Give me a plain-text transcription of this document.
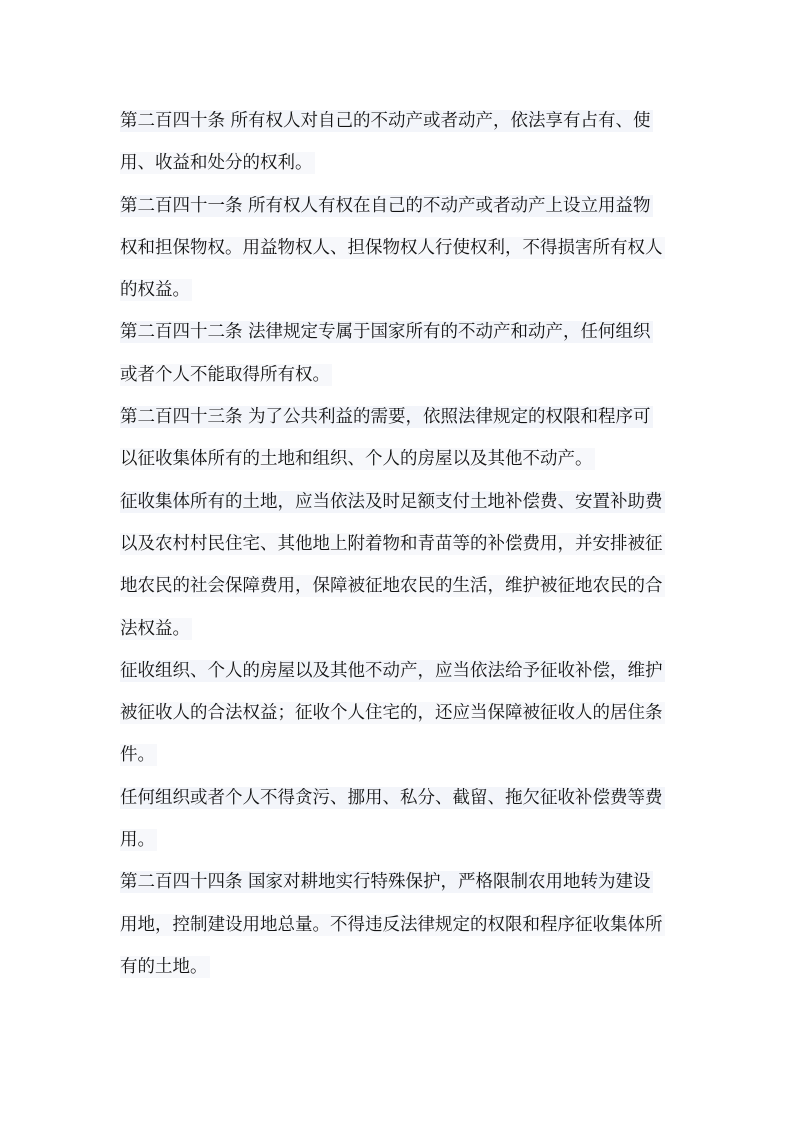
第二百四十条 所有权人对自己的不动产或者动产，依法享有占有、使
用、收益和处分的权利。
第二百四十一条 所有权人有权在自己的不动产或者动产上设立用益物
权和担保物权。用益物权人、担保物权人行使权利，不得损害所有权人
的权益。
第二百四十二条 法律规定专属于国家所有的不动产和动产，任何组织
或者个人不能取得所有权。
第二百四十三条 为了公共利益的需要，依照法律规定的权限和程序可
以征收集体所有的土地和组织、个人的房屋以及其他不动产。
征收集体所有的土地，应当依法及时足额支付土地补偿费、安置补助费
以及农村村民住宅、其他地上附着物和青苗等的补偿费用，并安排被征
地农民的社会保障费用，保障被征地农民的生活，维护被征地农民的合
法权益。
征收组织、个人的房屋以及其他不动产，应当依法给予征收补偿，维护
被征收人的合法权益；征收个人住宅的，还应当保障被征收人的居住条
件。
任何组织或者个人不得贪污、挪用、私分、截留、拖欠征收补偿费等费
用。
第二百四十四条 国家对耕地实行特殊保护，严格限制农用地转为建设
用地，控制建设用地总量。不得违反法律规定的权限和程序征收集体所
有的土地。
